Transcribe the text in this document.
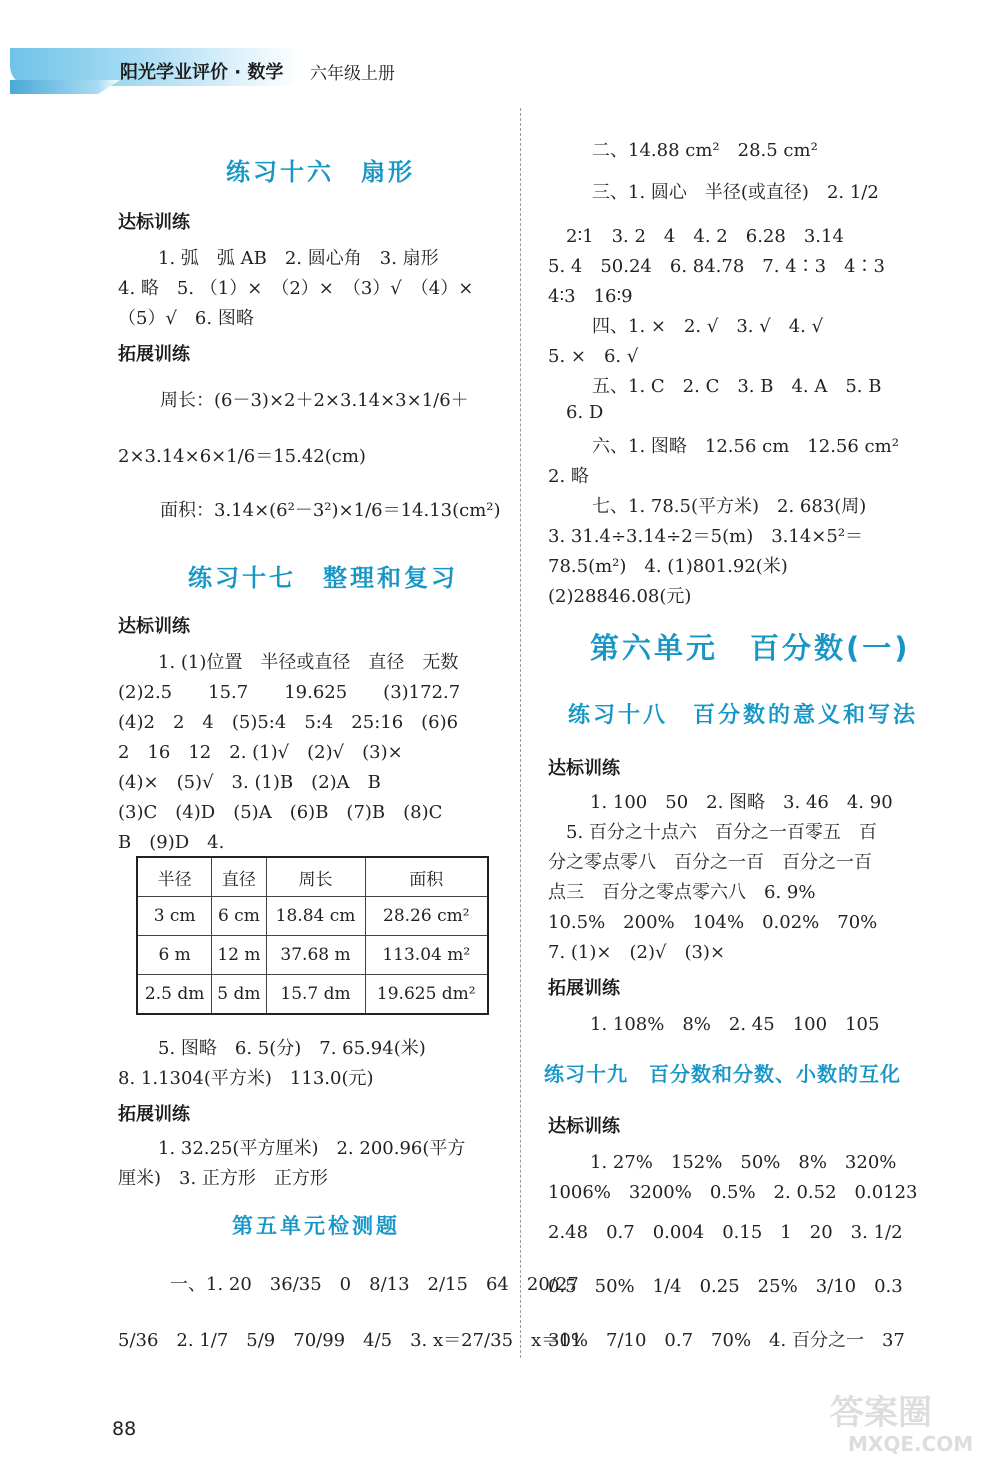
阳光学业评价 · 数学 六年级上册
练习十六　扇形
达标训练
1. 弧　弧 AB　2. 圆心角　3. 扇形
4. 略　5. （1）×　（2）×　（3）√　（4）×
（5）√　6. 图略
拓展训练
周长：(6－3)×2＋2×3.14×3×1/6＋
2×3.14×6×1/6＝15.42(cm)
面积：3.14×(6²－3²)×1/6＝14.13(cm²)
练习十七　整理和复习
达标训练
1. (1)位置　半径或直径　直径　无数
(2)2.5　　15.7　　19.625　　(3)172.7
(4)2　2　4　(5)5:4　5:4　25:16　(6)6
2　16　12　2. (1)√　(2)√　(3)×
(4)×　(5)√　3. (1)B　(2)A　B
(3)C　(4)D　(5)A　(6)B　(7)B　(8)C
B　(9)D　4.
半径	直径	周长	面积
3 cm	6 cm	18.84 cm	28.26 cm²
6 m	12 m	37.68 m	113.04 m²
2.5 dm	5 dm	15.7 dm	19.625 dm²
5. 图略　6. 5(分)　7. 65.94(米)
8. 1.1304(平方米)　113.0(元)
拓展训练
1. 32.25(平方厘米)　2. 200.96(平方
厘米)　3. 正方形　正方形
第五单元检测题
一、1. 20　36/35　0　8/13　2/15　64　20/27
5/36　2. 1/7　5/9　70/99　4/5　3. x＝27/35　x＝11
二、14.88 cm²　28.5 cm²
三、1. 圆心　半径(或直径)　2. 1/2
2∶1　3. 2　4　4. 2　6.28　3.14
5. 4　50.24　6. 84.78　7. 4∶3　4∶3
4∶3　16∶9
四、1. ×　2. √　3. √　4. √
5. ×　6. √
五、1. C　2. C　3. B　4. A　5. B
6. D
六、1. 图略　12.56 cm　12.56 cm²
2. 略
七、1. 78.5(平方米)　2. 683(周)
3. 31.4÷3.14÷2＝5(m)　3.14×5²＝
78.5(m²)　4. (1)801.92(米)
(2)28846.08(元)
第六单元　百分数(一)
练习十八　百分数的意义和写法
达标训练
1. 100　50　2. 图略　3. 46　4. 90
5. 百分之十点六　百分之一百零五　百
分之零点零八　百分之一百　百分之一百
点三　百分之零点零六八　6. 9%
10.5%　200%　104%　0.02%　70%
7. (1)×　(2)√　(3)×
拓展训练
1. 108%　8%　2. 45　100　105
练习十九　百分数和分数、小数的互化
达标训练
1. 27%　152%　50%　8%　320%
1006%　3200%　0.5%　2. 0.52　0.0123
2.48　0.7　0.004　0.15　1　20　3. 1/2
0.5　50%　1/4　0.25　25%　3/10　0.3
30%　7/10　0.7　70%　4. 百分之一　37
88	答案圈
MXQE.COM
